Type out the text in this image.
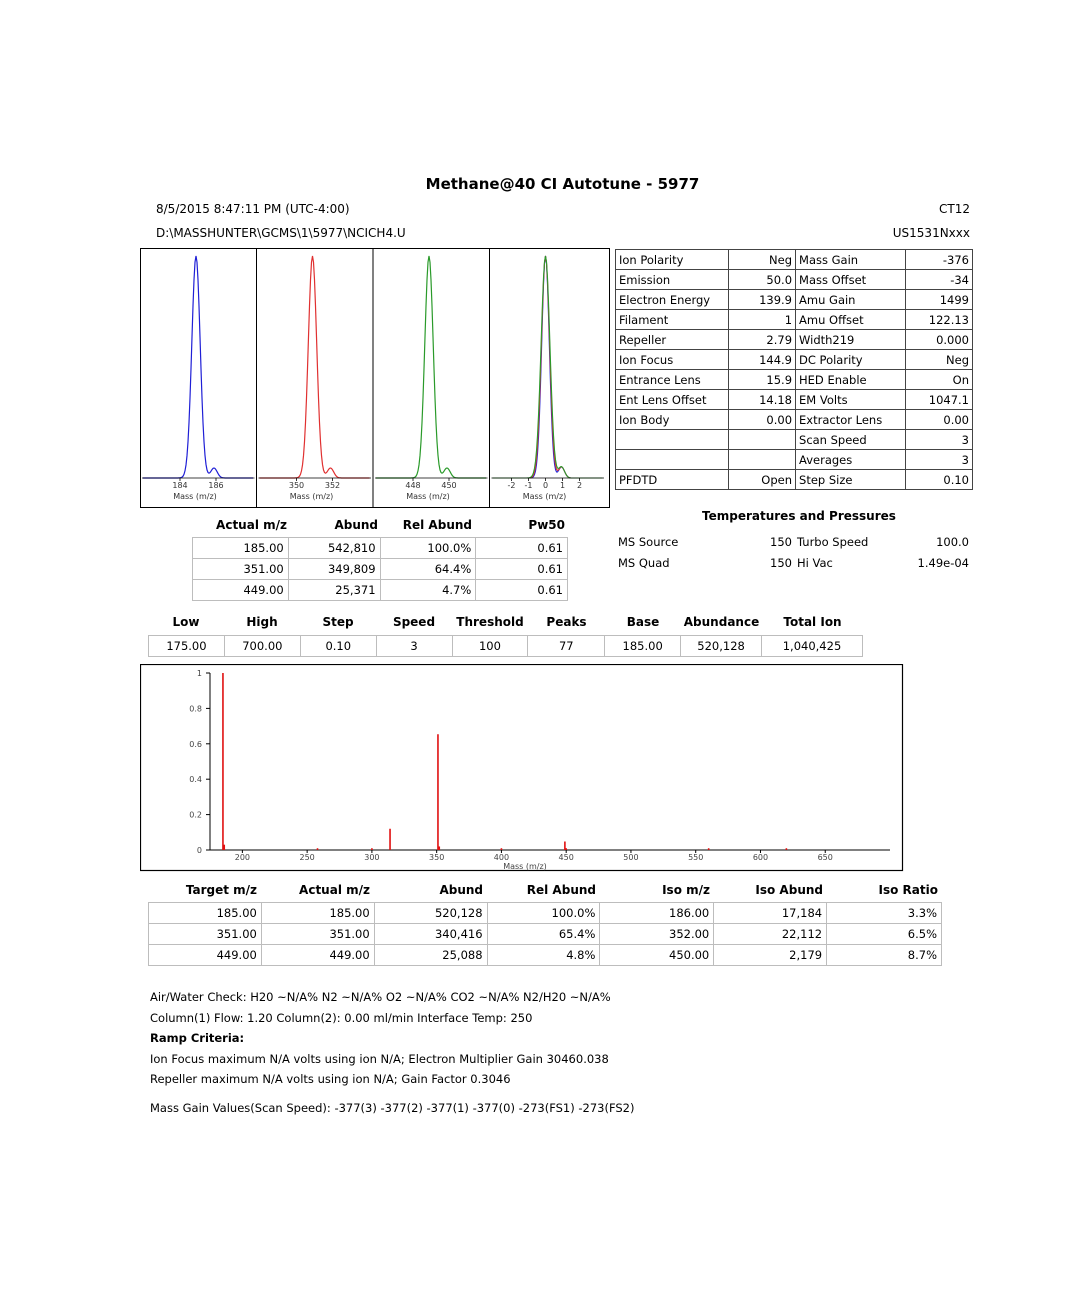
Methane@40 CI Autotune - 5977
8/5/2015 8:47:11 PM (UTC-4:00)
D:\MASSHUNTER\GCMS\1\5977\NCICH4.U
CT12
US1531Nxxx
184	186
Mass (m/z)
350	352
Mass (m/z)
448	450
Mass (m/z)
-2 -1 0 1 2
Mass (m/z)
Ion Polarity	Neg	Mass Gain	-376
Emission	50.0	Mass Offset	-34
Electron Energy	139.9	Amu Gain	1499
Filament	1	Amu Offset	122.13
Repeller	2.79	Width219	0.000
Ion Focus	144.9	DC Polarity	Neg
Entrance Lens	15.9	HED Enable	On
Ent Lens Offset	14.18	EM Volts	1047.1
Ion Body	0.00	Extractor Lens	0.00
		Scan Speed	3
		Averages	3
PFDTD	Open	Step Size	0.10
Actual m/z	Abund	Rel Abund	Pw50
185.00	542,810	100.0%	0.61
351.00	349,809	64.4%	0.61
449.00	25,371	4.7%	0.61
Temperatures and Pressures
MS Source	150 Turbo Speed	100.0
MS Quad	150 Hi Vac	1.49e-04
Low	High	Step	Speed	Threshold	Peaks	Base	Abundance	Total Ion
175.00	700.00	0.10	3	100	77	185.00	520,128	1,040,425
0
0.2
0.4
0.6
0.8
1
200	250	300	350	400	450	500	550	600	650
Mass (m/z)
Target m/z	Actual m/z	Abund	Rel Abund	Iso m/z	Iso Abund	Iso Ratio
185.00	185.00	520,128	100.0%	186.00	17,184	3.3%
351.00	351.00	340,416	65.4%	352.00	22,112	6.5%
449.00	449.00	25,088	4.8%	450.00	2,179	8.7%
Air/Water Check: H20 ~N/A% N2 ~N/A% O2 ~N/A% CO2 ~N/A% N2/H20 ~N/A%
Column(1) Flow: 1.20 Column(2): 0.00 ml/min Interface Temp: 250
Ramp Criteria:
Ion Focus maximum N/A volts using ion N/A; Electron Multiplier Gain 30460.038
Repeller maximum N/A volts using ion N/A; Gain Factor 0.3046
Mass Gain Values(Scan Speed): -377(3) -377(2) -377(1) -377(0) -273(FS1) -273(FS2)
